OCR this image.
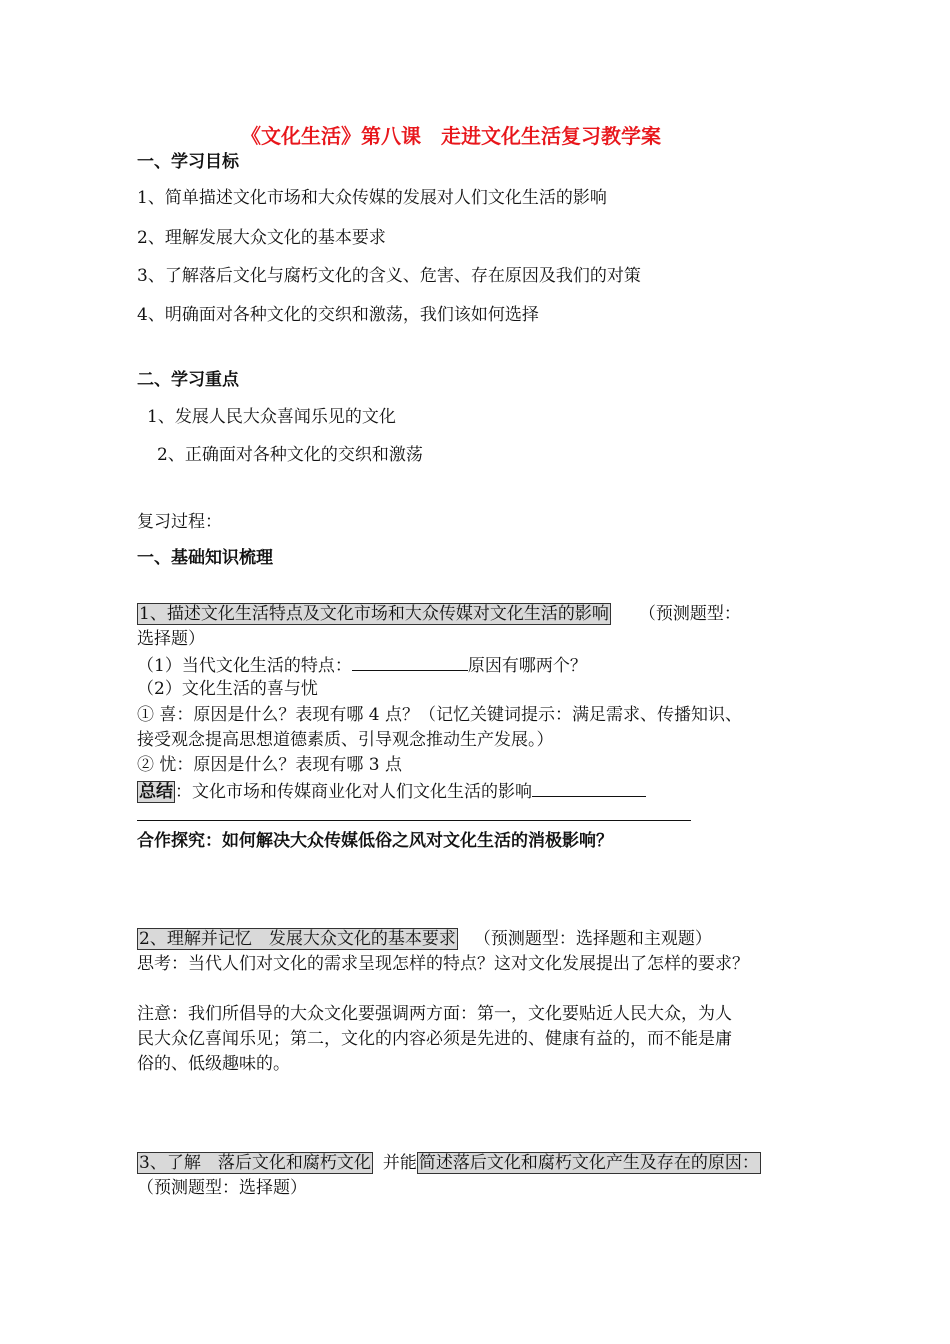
《文化生活》第八课　走进文化生活复习教学案
一、学习目标
1、简单描述文化市场和大众传媒的发展对人们文化生活的影响
2、理解发展大众文化的基本要求
3、了解落后文化与腐朽文化的含义、危害、存在原因及我们的对策
4、明确面对各种文化的交织和激荡，我们该如何选择
二、学习重点
1、发展人民大众喜闻乐见的文化
2、正确面对各种文化的交织和激荡
复习过程：
一、基础知识梳理
1、描述文化生活特点及文化市场和大众传媒对文化生活的影响 （预测题型：
选择题）
（1）当代文化生活的特点：	原因有哪两个？
（2）文化生活的喜与忧
① 喜：原因是什么？表现有哪 4 点？（记忆关键词提示：满足需求、传播知识、
接受观念提高思想道德素质、引导观念推动生产发展。）
② 忧：原因是什么？表现有哪 3 点
总结 ：文化市场和传媒商业化对人们文化生活的影响
合作探究：如何解决大众传媒低俗之风对文化生活的消极影响？
2、理解并记忆　发展大众文化的基本要求 （预测题型：选择题和主观题）
思考：当代人们对文化的需求呈现怎样的特点？这对文化发展提出了怎样的要求？
注意：我们所倡导的大众文化要强调两方面：第一，文化要贴近人民大众，为人
民大众亿喜闻乐见；第二，文化的内容必须是先进的、健康有益的，而不能是庸
俗的、低级趣味的。
3、了解　落后文化和腐朽文化 并能 简述落后文化和腐朽文化产生及存在的原因：
（预测题型：选择题）
